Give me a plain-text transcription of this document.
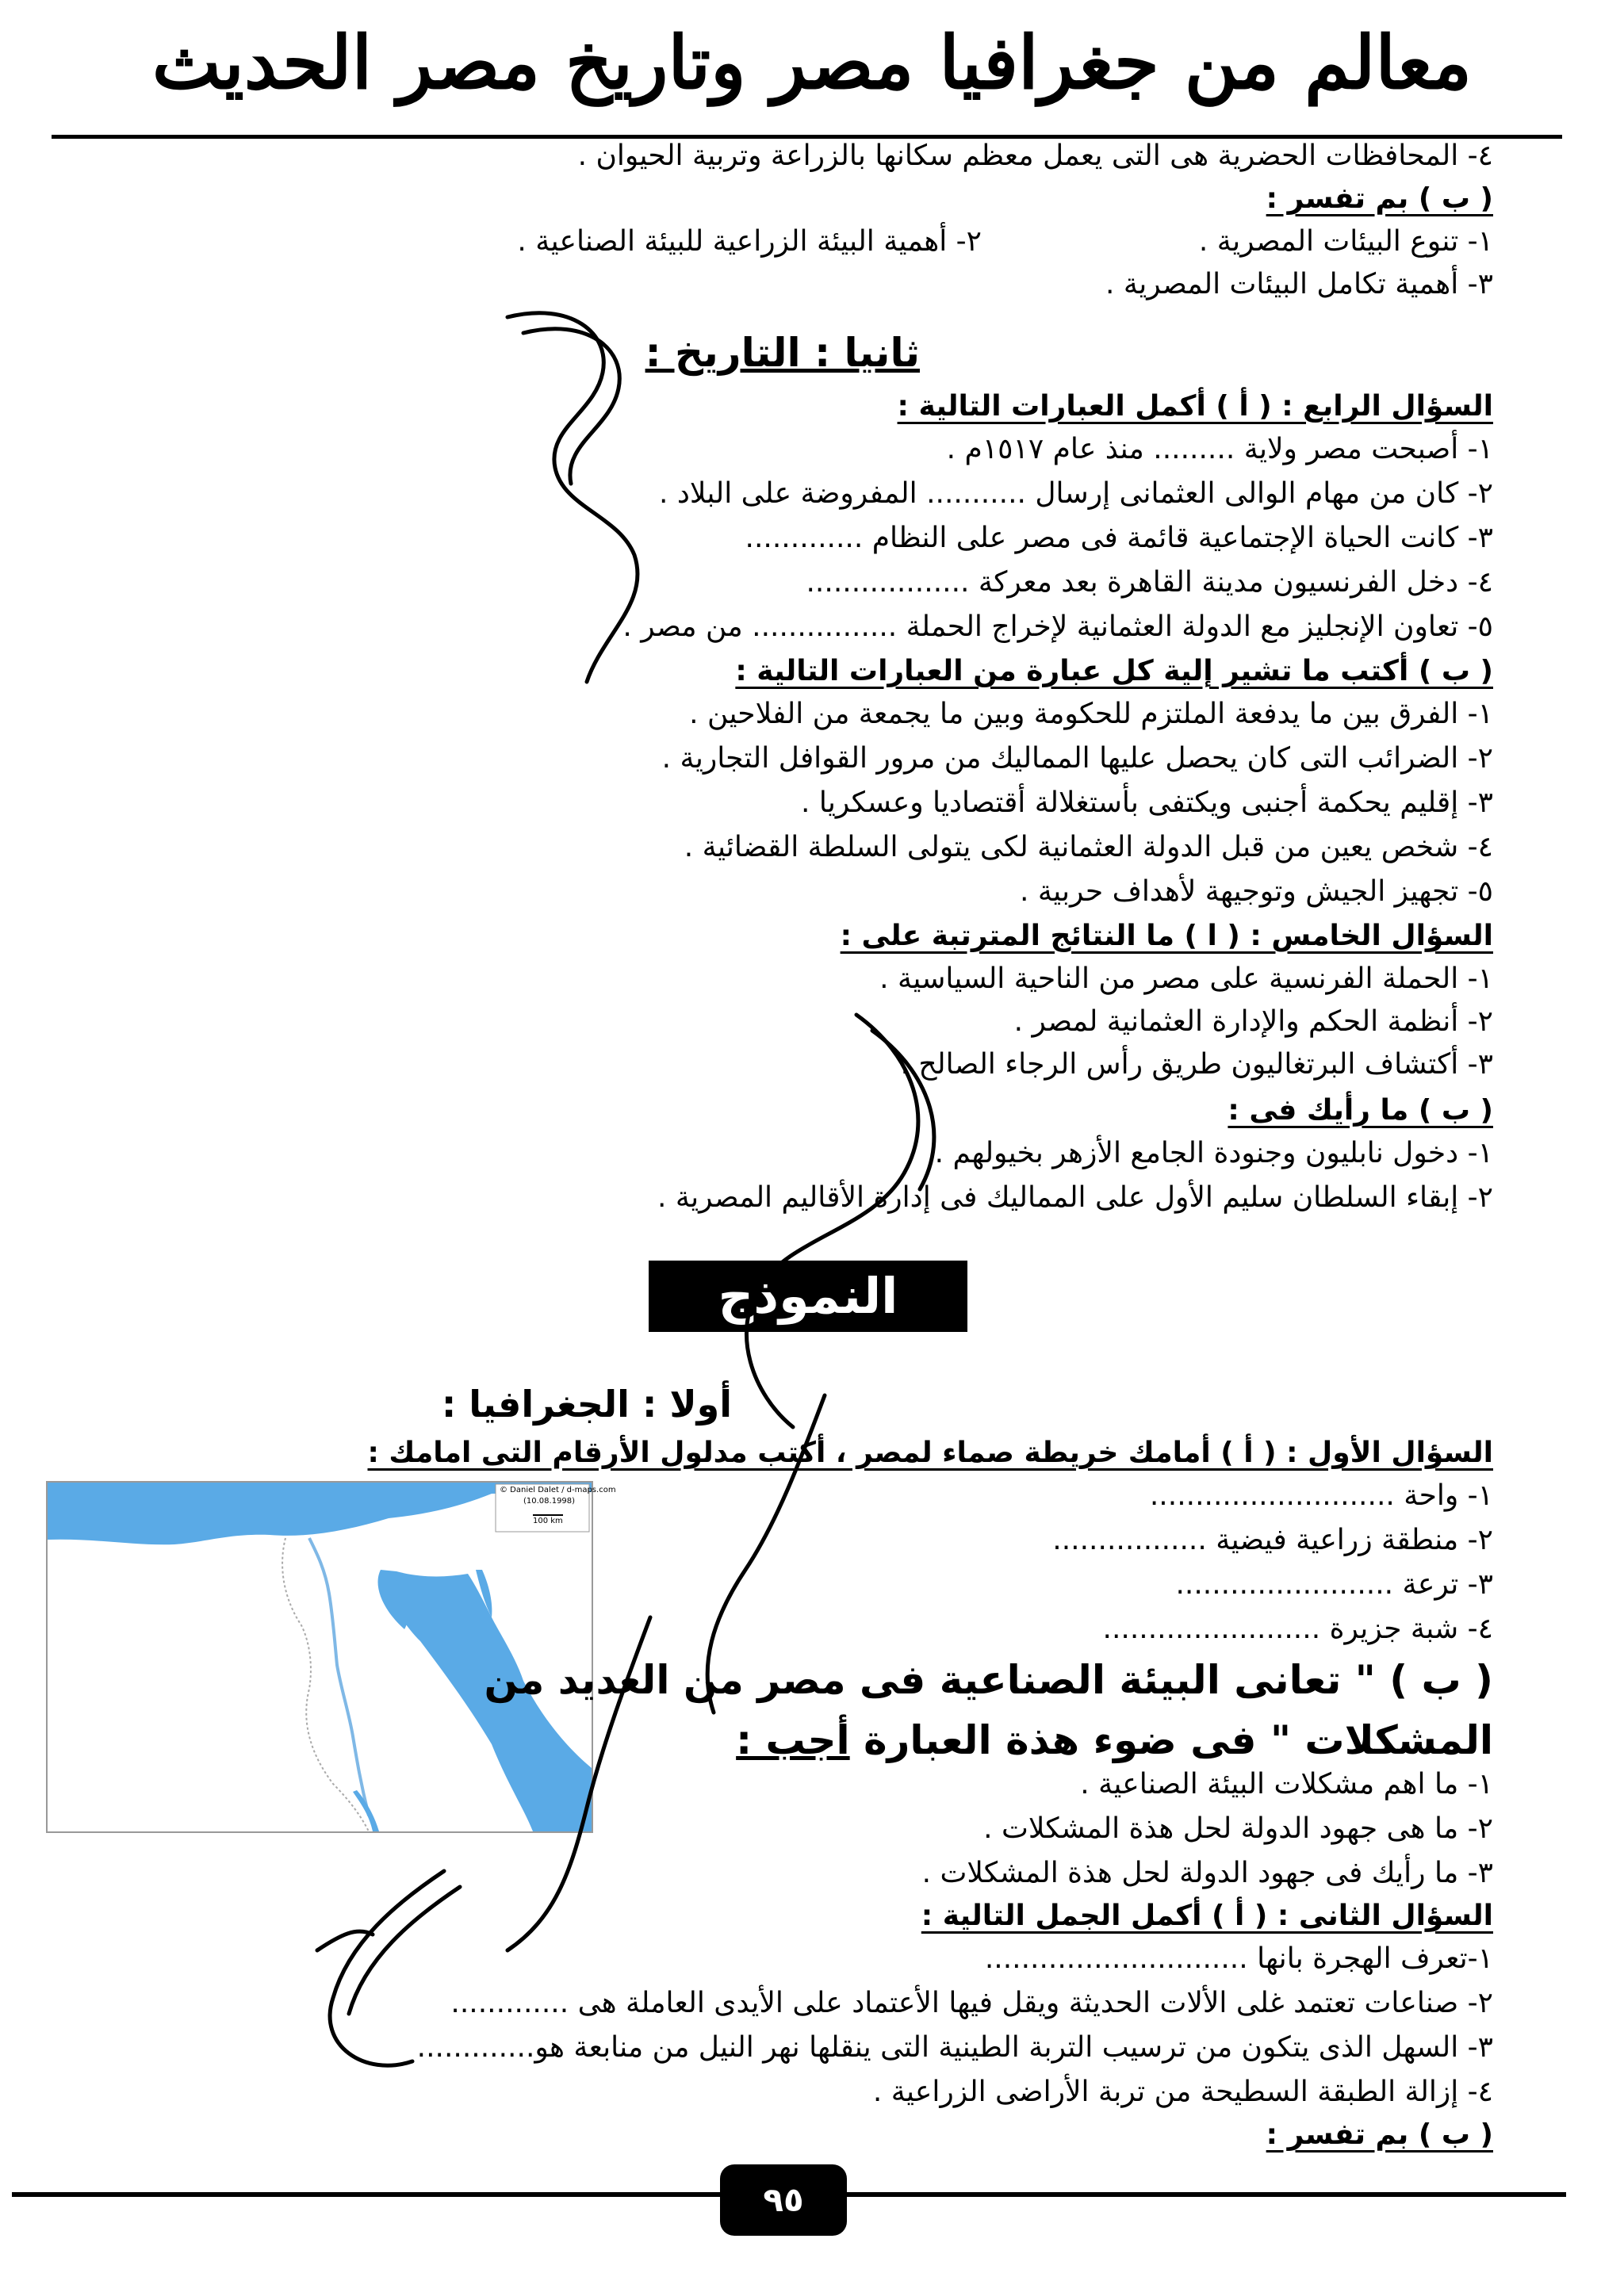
معالم من جغرافيا مصر وتاريخ مصر الحديث
٤- المحافظات الحضرية هى التى يعمل معظم سكانها بالزراعة وتربية الحيوان .
( ب ) بم تفسر :
١- تنوع البيئات المصرية .
٢- أهمية البيئة الزراعية للبيئة الصناعية .
٣- أهمية تكامل البيئات المصرية .
ثانيا : التاريخ :
السؤال الرابع : ( أ ) أكمل العبارات التالية :
١- أصبحت مصر ولاية ......... منذ عام ١٥١٧م .
٢- كان من مهام الوالى العثمانى إرسال ........... المفروضة على البلاد .
٣- كانت الحياة الإجتماعية قائمة فى مصر على النظام .............
٤- دخل الفرنسيون مدينة القاهرة بعد معركة ..................
٥- تعاون الإنجليز مع الدولة العثمانية لإخراج الحملة ................ من مصر .
( ب ) أكتب ما تشير إلية كل عبارة من العبارات التالية :
١- الفرق بين ما يدفعة الملتزم للحكومة وبين ما يجمعة من الفلاحين .
٢- الضرائب التى كان يحصل عليها المماليك من مرور القوافل التجارية .
٣- إقليم يحكمة أجنبى ويكتفى بأستغلالة أقتصاديا وعسكريا .
٤- شخص يعين من قبل الدولة العثمانية لكى يتولى السلطة القضائية .
٥- تجهيز الجيش وتوجيهة لأهداف حربية .
السؤال الخامس : ( ا ) ما النتائج المترتبة على :
١- الحملة الفرنسية على مصر من الناحية السياسية .
٢- أنظمة الحكم والإدارة العثمانية لمصر .
٣- أكتشاف البرتغاليون طريق رأس الرجاء الصالح .
( ب ) ما رأيك فى :
١- دخول نابليون وجنودة الجامع الأزهر بخيولهم .
٢- إبقاء السلطان سليم الأول على المماليك فى إدارة الأقاليم المصرية .
النموذج السابع
أولا : الجغرافيا :
السؤال الأول : ( أ ) أمامك خريطة صماء لمصر ، أكتب مدلول الأرقام التى امامك :
© Daniel Dalet / d-maps.com
(10.08.1998)
100 km
١- واحة ...........................
٢- منطقة زراعية فيضية .................
٣- ترعة ........................
٤- شبة جزيرة ........................
( ب ) " تعانى البيئة الصناعية فى مصر من العديد من
المشكلات " فى ضوء هذة العبارة أجب :
١- ما اهم مشكلات البيئة الصناعية .
٢- ما هى جهود الدولة لحل هذة المشكلات .
٣- ما رأيك فى جهود الدولة لحل هذة المشكلات .
السؤال الثانى : ( أ ) أكمل الجمل التالية :
١-تعرف الهجرة بانها .............................
٢- صناعات تعتمد غلى الألات الحديثة ويقل فيها الأعتماد على الأيدى العاملة هى .............
٣- السهل الذى يتكون من ترسيب التربة الطينية التى ينقلها نهر النيل من منابعة هو.............
٤- إزالة الطبقة السطيحة من تربة الأراضى الزراعية .
( ب ) بم تفسر :
٩٥
